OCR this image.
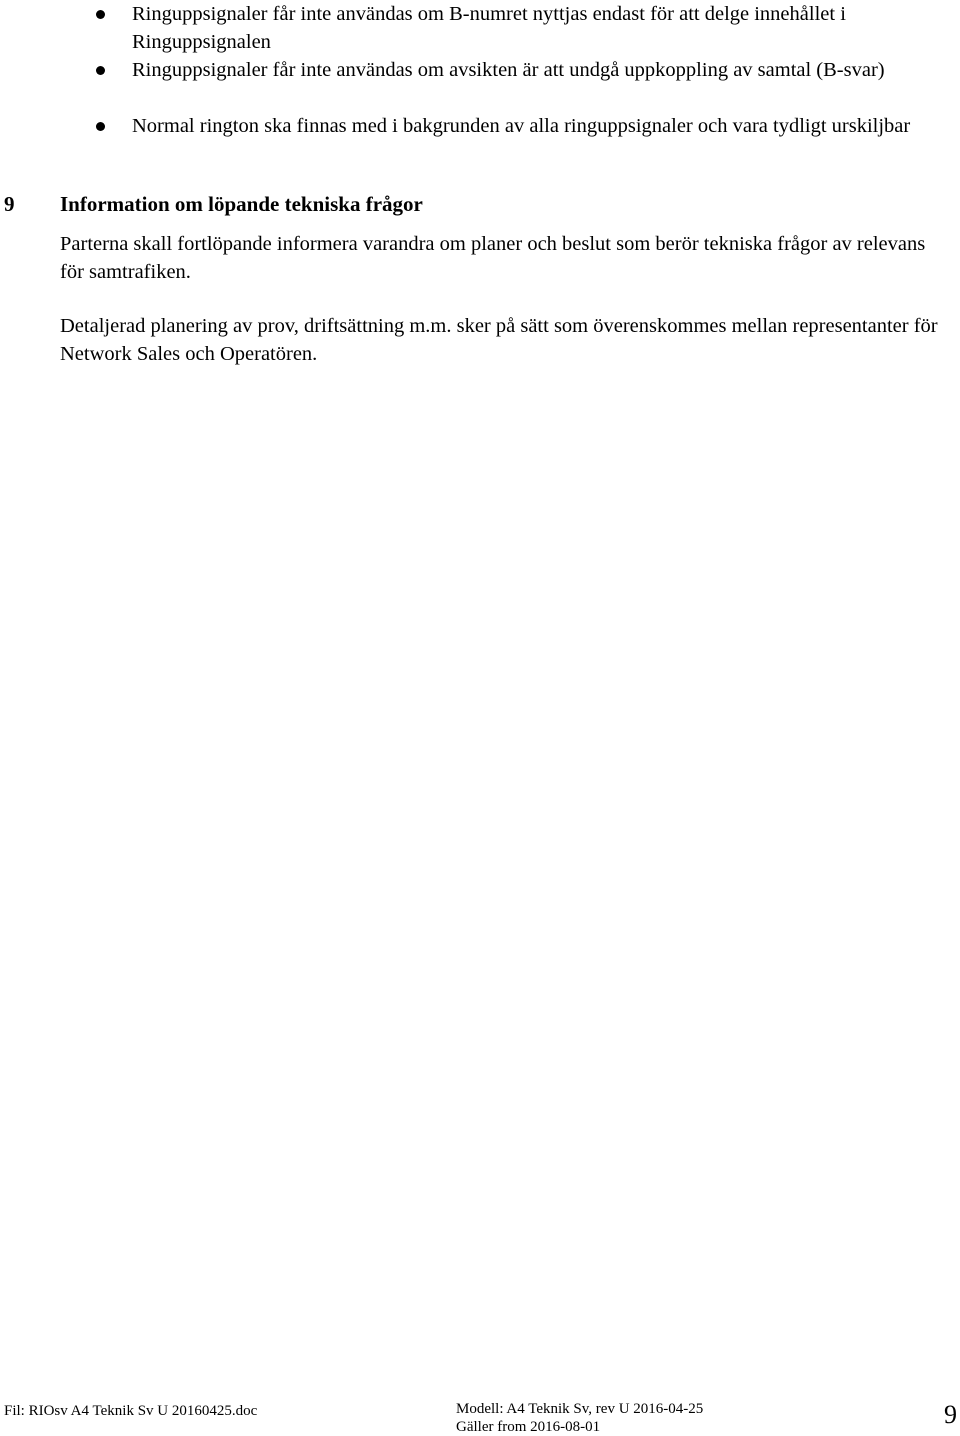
Ringuppsignaler får inte användas om B-numret nyttjas endast för att delge innehållet i Ringuppsignalen
Ringuppsignaler får inte användas om avsikten är att undgå uppkoppling av samtal (B-svar)
Normal rington ska finnas med i bakgrunden av alla ringuppsignaler och vara tydligt urskiljbar
9 Information om löpande tekniska frågor

Parterna skall fortlöpande informera varandra om planer och beslut som berör tekniska frågor av relevans för samtrafiken.

Detaljerad planering av prov, driftsättning m.m. sker på sätt som överenskommes mellan representanter för Network Sales och Operatören.

Fil: RIOsv A4 Teknik Sv U 20160425.doc	Modell: A4 Teknik Sv, rev U 2016-04-25
Gäller from 2016-08-01	9
